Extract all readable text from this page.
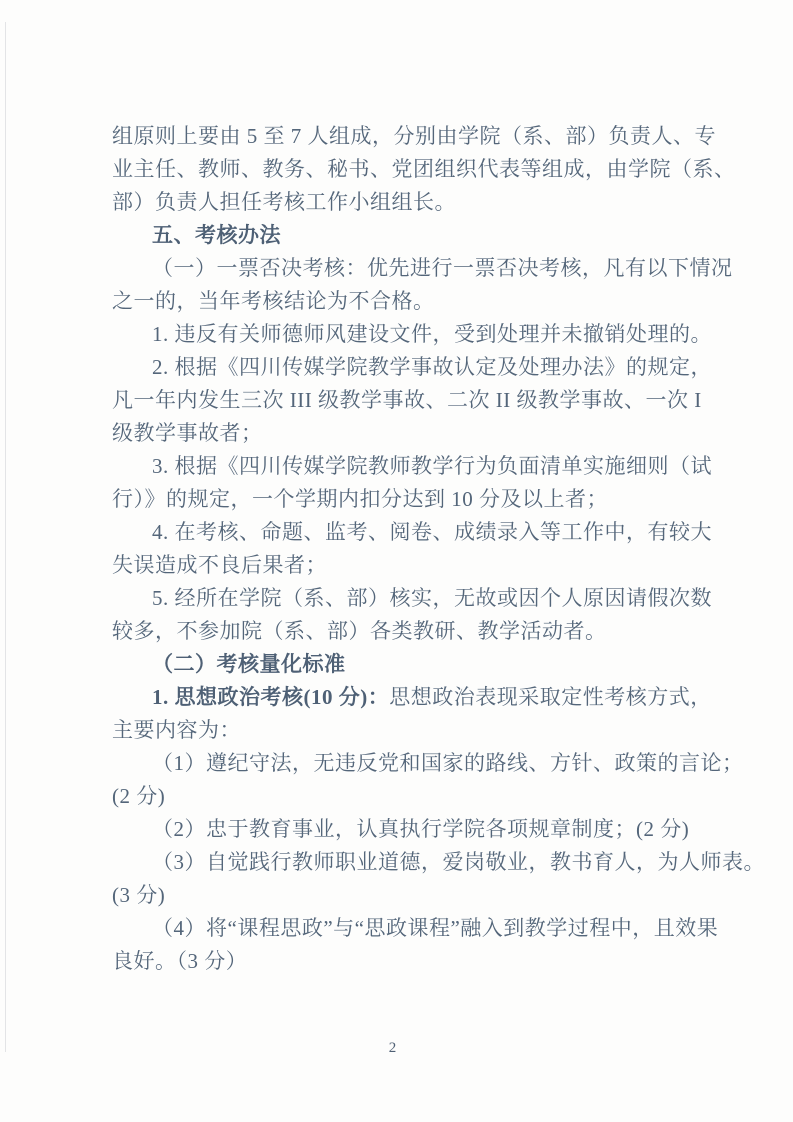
组原则上要由 5 至 7 人组成，分别由学院（系、部）负责人、专
业主任、教师、教务、秘书、党团组织代表等组成，由学院（系、
部）负责人担任考核工作小组组长。
五、考核办法
（一）一票否决考核：优先进行一票否决考核，凡有以下情况
之一的，当年考核结论为不合格。
1. 违反有关师德师风建设文件，受到处理并未撤销处理的。
2. 根据《四川传媒学院教学事故认定及处理办法》的规定，
凡一年内发生三次 III 级教学事故、二次 II 级教学事故、一次 I
级教学事故者；
3. 根据《四川传媒学院教师教学行为负面清单实施细则（试
行）》的规定，一个学期内扣分达到 10 分及以上者；
4. 在考核、命题、监考、阅卷、成绩录入等工作中，有较大
失误造成不良后果者；
5. 经所在学院（系、部）核实，无故或因个人原因请假次数
较多，不参加院（系、部）各类教研、教学活动者。
（二）考核量化标准
1. 思想政治考核(10 分)：思想政治表现采取定性考核方式，
主要内容为：
（1）遵纪守法，无违反党和国家的路线、方针、政策的言论；
(2 分)
（2）忠于教育事业，认真执行学院各项规章制度；(2 分)
（3）自觉践行教师职业道德，爱岗敬业，教书育人，为人师表。
(3 分)
（4）将“课程思政”与“思政课程”融入到教学过程中，且效果
良好。（3 分）
2
